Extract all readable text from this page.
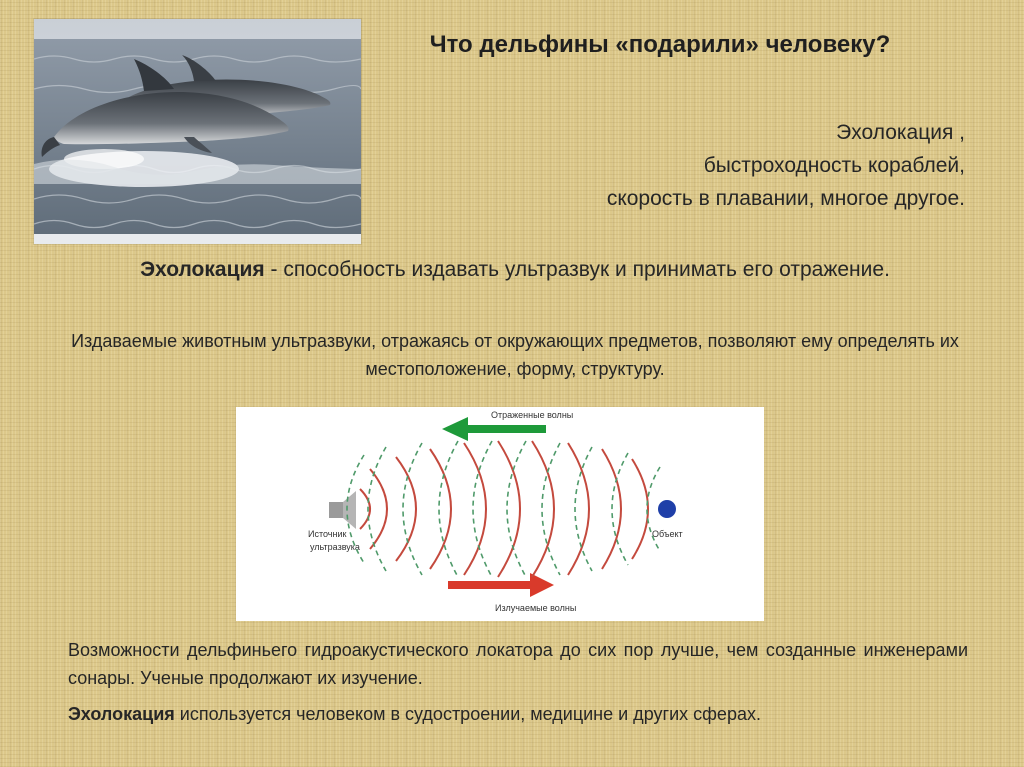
Что дельфины «подарили» человеку?
Эхолокация ,
быстроходность кораблей,
скорость в плавании, многое другое.
Эхолокация - способность издавать ультразвук и принимать его отражение.
Издаваемые животным ультразвуки, отражаясь от окружающих предметов, позволяют ему определять их местоположение, форму, структуру.
Отраженные волны
Излучаемые волны
Источник
ультразвука
Объект
Возможности дельфиньего гидроакустического локатора до сих пор лучше, чем созданные инженерами сонары. Ученые продолжают их изучение.
Эхолокация используется человеком в судостроении, медицине и других сферах.
